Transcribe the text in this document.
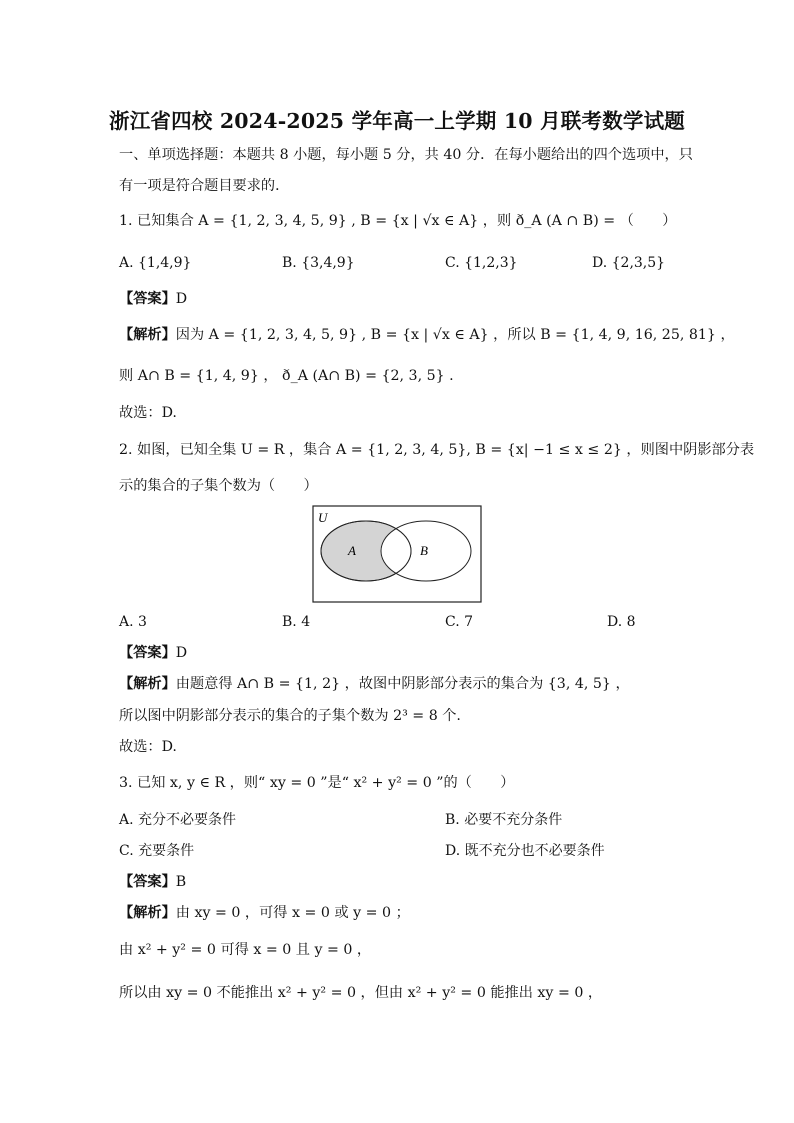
浙江省四校 2024-2025 学年高一上学期 10 月联考数学试题
一、单项选择题：本题共 8 小题，每小题 5 分，共 40 分．在每小题给出的四个选项中，只
有一项是符合题目要求的．
1. 已知集合 A = {1, 2, 3, 4, 5, 9} , B = {x | √x ∈ A} ，则 ð_A (A ∩ B) = （　　）
A. {1,4,9}	B. {3,4,9}	C. {1,2,3}	D. {2,3,5}
【答案】D
【解析】因为 A = {1, 2, 3, 4, 5, 9} , B = {x | √x ∈ A} ，所以 B = {1, 4, 9, 16, 25, 81} ，
则 A∩ B = {1, 4, 9} ， ð_A (A∩ B) = {2, 3, 5} .
故选：D.
2. 如图，已知全集 U = R ，集合 A = {1, 2, 3, 4, 5}, B = {x| −1 ≤ x ≤ 2} ，则图中阴影部分表
示的集合的子集个数为（　　）
U
A	B
A. 3	B. 4	C. 7	D. 8
【答案】D
【解析】由题意得 A∩ B = {1, 2} ，故图中阴影部分表示的集合为 {3, 4, 5} ，
所以图中阴影部分表示的集合的子集个数为 2³ = 8 个.
故选：D.
3. 已知 x, y ∈ R ，则“ xy = 0 ”是“ x² + y² = 0 ”的（　　）
A. 充分不必要条件	B. 必要不充分条件
C. 充要条件	D. 既不充分也不必要条件
【答案】B
【解析】由 xy = 0 ，可得 x = 0 或 y = 0 ；
由 x² + y² = 0 可得 x = 0 且 y = 0 ，
所以由 xy = 0 不能推出 x² + y² = 0 ，但由 x² + y² = 0 能推出 xy = 0 ，
